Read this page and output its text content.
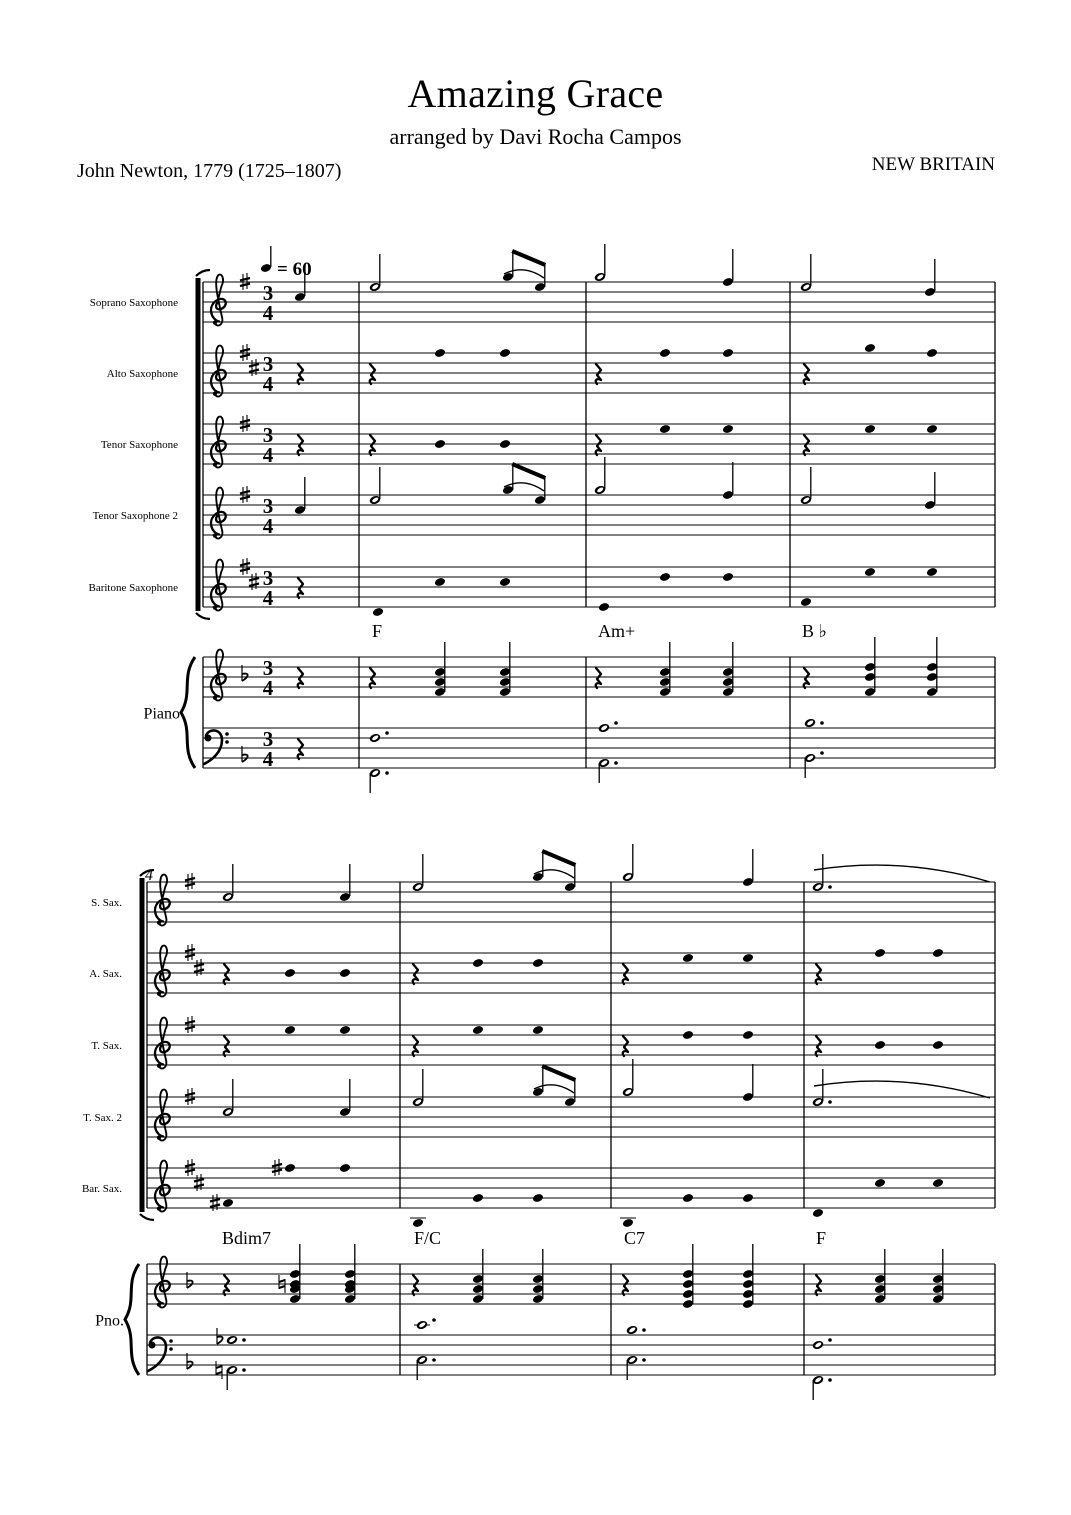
Amazing Grace
arranged by Davi Rocha Campos
John Newton, 1779 (1725–1807)	NEW BRITAIN
3
4
3
4
3
4
3
4
3
4
3
4
3
4
Soprano Saxophone
Alto Saxophone
Tenor Saxophone
Tenor Saxophone 2
Baritone Saxophone
Piano
F	Am+	B ♭
S. Sax.
A. Sax.
T. Sax.
T. Sax. 2
Bar. Sax.
Pno.
Bdim7	F/C	C7	F
= 60
4
